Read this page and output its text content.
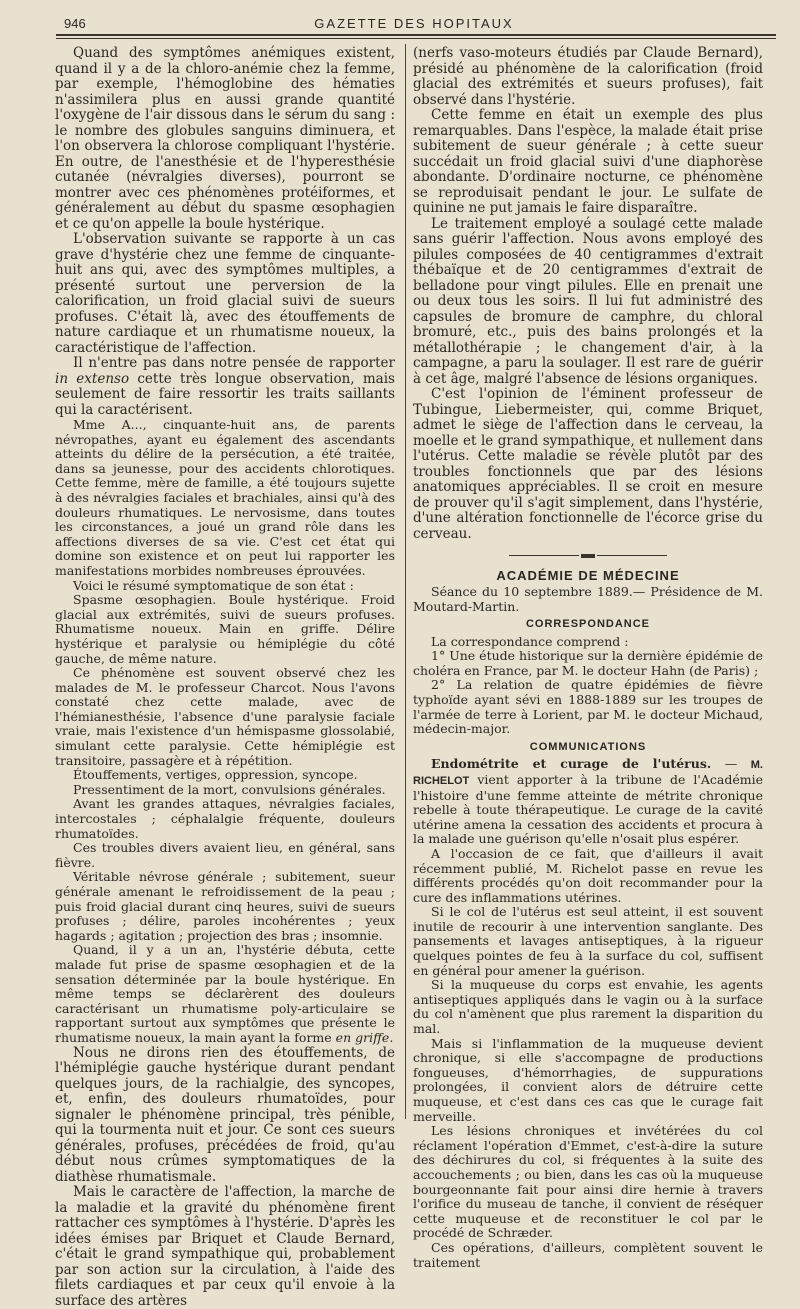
946	GAZETTE DES HOPITAUX

Quand des symptômes anémiques existent, quand il y a de la chloro-anémie chez la femme, par exemple, l'hémoglobine des hématies n'assimilera plus en aussi grande quantité l'oxygène de l'air dissous dans le sérum du sang : le nombre des globules sanguins diminuera, et l'on observera la chlorose compliquant l'hystérie. En outre, de l'anesthésie et de l'hyperesthésie cutanée (névralgies diverses), pourront se montrer avec ces phénomènes protéiformes, et généralement au début du spasme œsophagien et ce qu'on appelle la boule hystérique.

L'observation suivante se rapporte à un cas grave d'hystérie chez une femme de cinquante-huit ans qui, avec des symptômes multiples, a présenté surtout une perversion de la calorification, un froid glacial suivi de sueurs profuses. C'était là, avec des étouffements de nature cardiaque et un rhumatisme noueux, la caractéristique de l'affection.

Il n'entre pas dans notre pensée de rapporter in extenso cette très longue observation, mais seulement de faire ressortir les traits saillants qui la caractérisent.

Mme A..., cinquante-huit ans, de parents névropathes, ayant eu également des ascendants atteints du délire de la persécution, a été traitée, dans sa jeunesse, pour des accidents chlorotiques. Cette femme, mère de famille, a été toujours sujette à des névralgies faciales et brachiales, ainsi qu'à des douleurs rhumatiques. Le nervosisme, dans toutes les circonstances, a joué un grand rôle dans les affections diverses de sa vie. C'est cet état qui domine son existence et on peut lui rapporter les manifestations morbides nombreuses éprouvées.

Voici le résumé symptomatique de son état :

Spasme œsophagien. Boule hystérique. Froid glacial aux extrémités, suivi de sueurs profuses. Rhumatisme noueux. Main en griffe. Délire hystérique et paralysie ou hémiplégie du côté gauche, de même nature.

Ce phénomène est souvent observé chez les malades de M. le professeur Charcot. Nous l'avons constaté chez cette malade, avec de l'hémianesthésie, l'absence d'une paralysie faciale vraie, mais l'existence d'un hémispasme glossolabié, simulant cette paralysie. Cette hémiplégie est transitoire, passagère et à répétition.

Étouffements, vertiges, oppression, syncope.

Pressentiment de la mort, convulsions générales.

Avant les grandes attaques, névralgies faciales, intercostales ; céphalalgie fréquente, douleurs rhumatoïdes.

Ces troubles divers avaient lieu, en général, sans fièvre.

Véritable névrose générale ; subitement, sueur générale amenant le refroidissement de la peau ; puis froid glacial durant cinq heures, suivi de sueurs profuses ; délire, paroles incohérentes ; yeux hagards ; agitation ; projection des bras ; insomnie.

Quand, il y a un an, l'hystérie débuta, cette malade fut prise de spasme œsophagien et de la sensation déterminée par la boule hystérique. En même temps se déclarèrent des douleurs caractérisant un rhumatisme poly-articulaire se rapportant surtout aux symptômes que présente le rhumatisme noueux, la main ayant la forme en griffe.

Nous ne dirons rien des étouffements, de l'hémiplégie gauche hystérique durant pendant quelques jours, de la rachialgie, des syncopes, et, enfin, des douleurs rhumatoïdes, pour signaler le phénomène principal, très pénible, qui la tourmenta nuit et jour. Ce sont ces sueurs générales, profuses, précédées de froid, qu'au début nous crûmes symptomatiques de la diathèse rhumatismale.

Mais le caractère de l'affection, la marche de la maladie et la gravité du phénomène firent rattacher ces symptômes à l'hystérie. D'après les idées émises par Briquet et Claude Bernard, c'était le grand sympathique qui, probablement par son action sur la circulation, à l'aide des filets cardiaques et par ceux qu'il envoie à la surface des artères

(nerfs vaso-moteurs étudiés par Claude Bernard), présidé au phénomène de la calorification (froid glacial des extrémités et sueurs profuses), fait observé dans l'hystérie.

Cette femme en était un exemple des plus remarquables. Dans l'espèce, la malade était prise subitement de sueur générale ; à cette sueur succédait un froid glacial suivi d'une diaphorèse abondante. D'ordinaire nocturne, ce phénomène se reproduisait pendant le jour. Le sulfate de quinine ne put jamais le faire disparaître.

Le traitement employé a soulagé cette malade sans guérir l'affection. Nous avons employé des pilules composées de 40 centigrammes d'extrait thébaïque et de 20 centigrammes d'extrait de belladone pour vingt pilules. Elle en prenait une ou deux tous les soirs. Il lui fut administré des capsules de bromure de camphre, du chloral bromuré, etc., puis des bains prolongés et la métallothérapie ; le changement d'air, à la campagne, a paru la soulager. Il est rare de guérir à cet âge, malgré l'absence de lésions organiques.

C'est l'opinion de l'éminent professeur de Tubingue, Liebermeister, qui, comme Briquet, admet le siège de l'affection dans le cerveau, la moelle et le grand sympathique, et nullement dans l'utérus. Cette maladie se révèle plutôt par des troubles fonctionnels que par des lésions anatomiques appréciables. Il se croit en mesure de prouver qu'il s'agit simplement, dans l'hystérie, d'une altération fonctionnelle de l'écorce grise du cerveau.

ACADÉMIE DE MÉDECINE

Séance du 10 septembre 1889.— Présidence de M. Moutard-Martin.

CORRESPONDANCE

La correspondance comprend :

1° Une étude historique sur la dernière épidémie de choléra en France, par M. le docteur Hahn (de Paris) ;

2° La relation de quatre épidémies de fièvre typhoïde ayant sévi en 1888-1889 sur les troupes de l'armée de terre à Lorient, par M. le docteur Michaud, médecin-major.

COMMUNICATIONS

Endométrite et curage de l'utérus. — M. RICHELOT vient apporter à la tribune de l'Académie l'histoire d'une femme atteinte de métrite chronique rebelle à toute thérapeutique. Le curage de la cavité utérine amena la cessation des accidents et procura à la malade une guérison qu'elle n'osait plus espérer.

A l'occasion de ce fait, que d'ailleurs il avait récemment publié, M. Richelot passe en revue les différents procédés qu'on doit recommander pour la cure des inflammations utérines.

Si le col de l'utérus est seul atteint, il est souvent inutile de recourir à une intervention sanglante. Des pansements et lavages antiseptiques, à la rigueur quelques pointes de feu à la surface du col, suffisent en général pour amener la guérison.

Si la muqueuse du corps est envahie, les agents antiseptiques appliqués dans le vagin ou à la surface du col n'amènent que plus rarement la disparition du mal.

Mais si l'inflammation de la muqueuse devient chronique, si elle s'accompagne de productions fongueuses, d'hémorrhagies, de suppurations prolongées, il convient alors de détruire cette muqueuse, et c'est dans ces cas que le curage fait merveille.

Les lésions chroniques et invétérées du col réclament l'opération d'Emmet, c'est-à-dire la suture des déchirures du col, si fréquentes à la suite des accouchements ; ou bien, dans les cas où la muqueuse bourgeonnante fait pour ainsi dire hernie à travers l'orifice du museau de tanche, il convient de réséquer cette muqueuse et de reconstituer le col par le procédé de Schræder.

Ces opérations, d'ailleurs, complètent souvent le traitement
